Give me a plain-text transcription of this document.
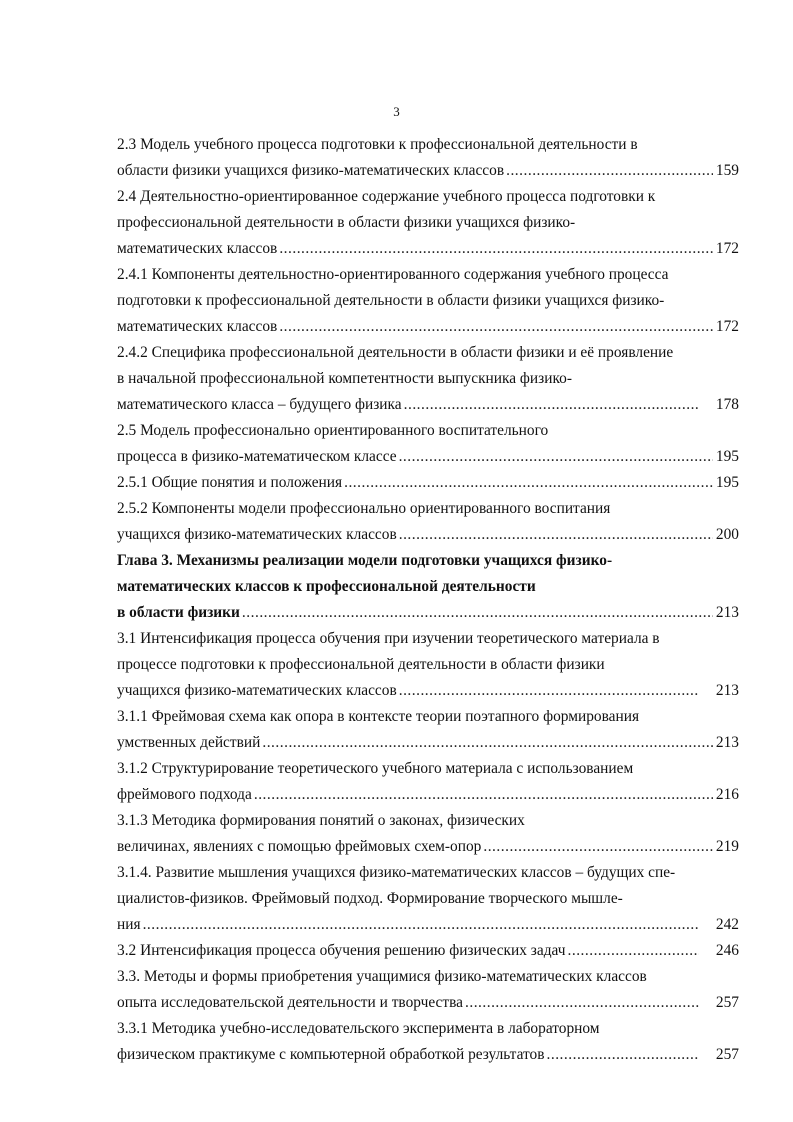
3
2.3 Модель учебного процесса подготовки к профессиональной деятельности в
области физики учащихся физико-математических классов .....	159
2.4 Деятельностно-ориентированное содержание учебного процесса подготовки к
профессиональной деятельности в области физики учащихся физико-
математических классов .....	172
2.4.1 Компоненты деятельностно-ориентированного содержания учебного процесса
подготовки к профессиональной деятельности в области физики учащихся физико-
математических классов .....	172
2.4.2 Специфика профессиональной деятельности в области физики и её проявление
в начальной профессиональной компетентности выпускника физико-
математического класса – будущего физика .....	178
2.5 Модель профессионально ориентированного воспитательного
процесса в физико-математическом классе .....	195
2.5.1 Общие понятия и положения .....	195
2.5.2 Компоненты модели профессионально ориентированного воспитания
учащихся физико-математических классов .....	200
Глава 3. Механизмы реализации модели подготовки учащихся физико-
математических классов к профессиональной деятельности
в области физики .....	213
3.1 Интенсификация процесса обучения при изучении теоретического материала в
процессе подготовки к профессиональной деятельности в области физики
учащихся физико-математических классов .....	213
3.1.1 Фреймовая схема как опора в контексте теории поэтапного формирования
умственных действий .....	213
3.1.2 Структурирование теоретического учебного материала с использованием
фреймового подхода .....	216
3.1.3 Методика формирования понятий о законах, физических
величинах, явлениях с помощью фреймовых схем-опор .....	219
3.1.4. Развитие мышления учащихся физико-математических классов – будущих спе-
циалистов-физиков. Фреймовый подход. Формирование творческого мышле-
ния .....	242
3.2 Интенсификация процесса обучения решению физических задач .....	246
3.3. Методы и формы приобретения учащимися физико-математических классов
опыта исследовательской деятельности и творчества .....	257
3.3.1 Методика учебно-исследовательского эксперимента в лабораторном
физическом практикуме с компьютерной обработкой результатов .....	257
